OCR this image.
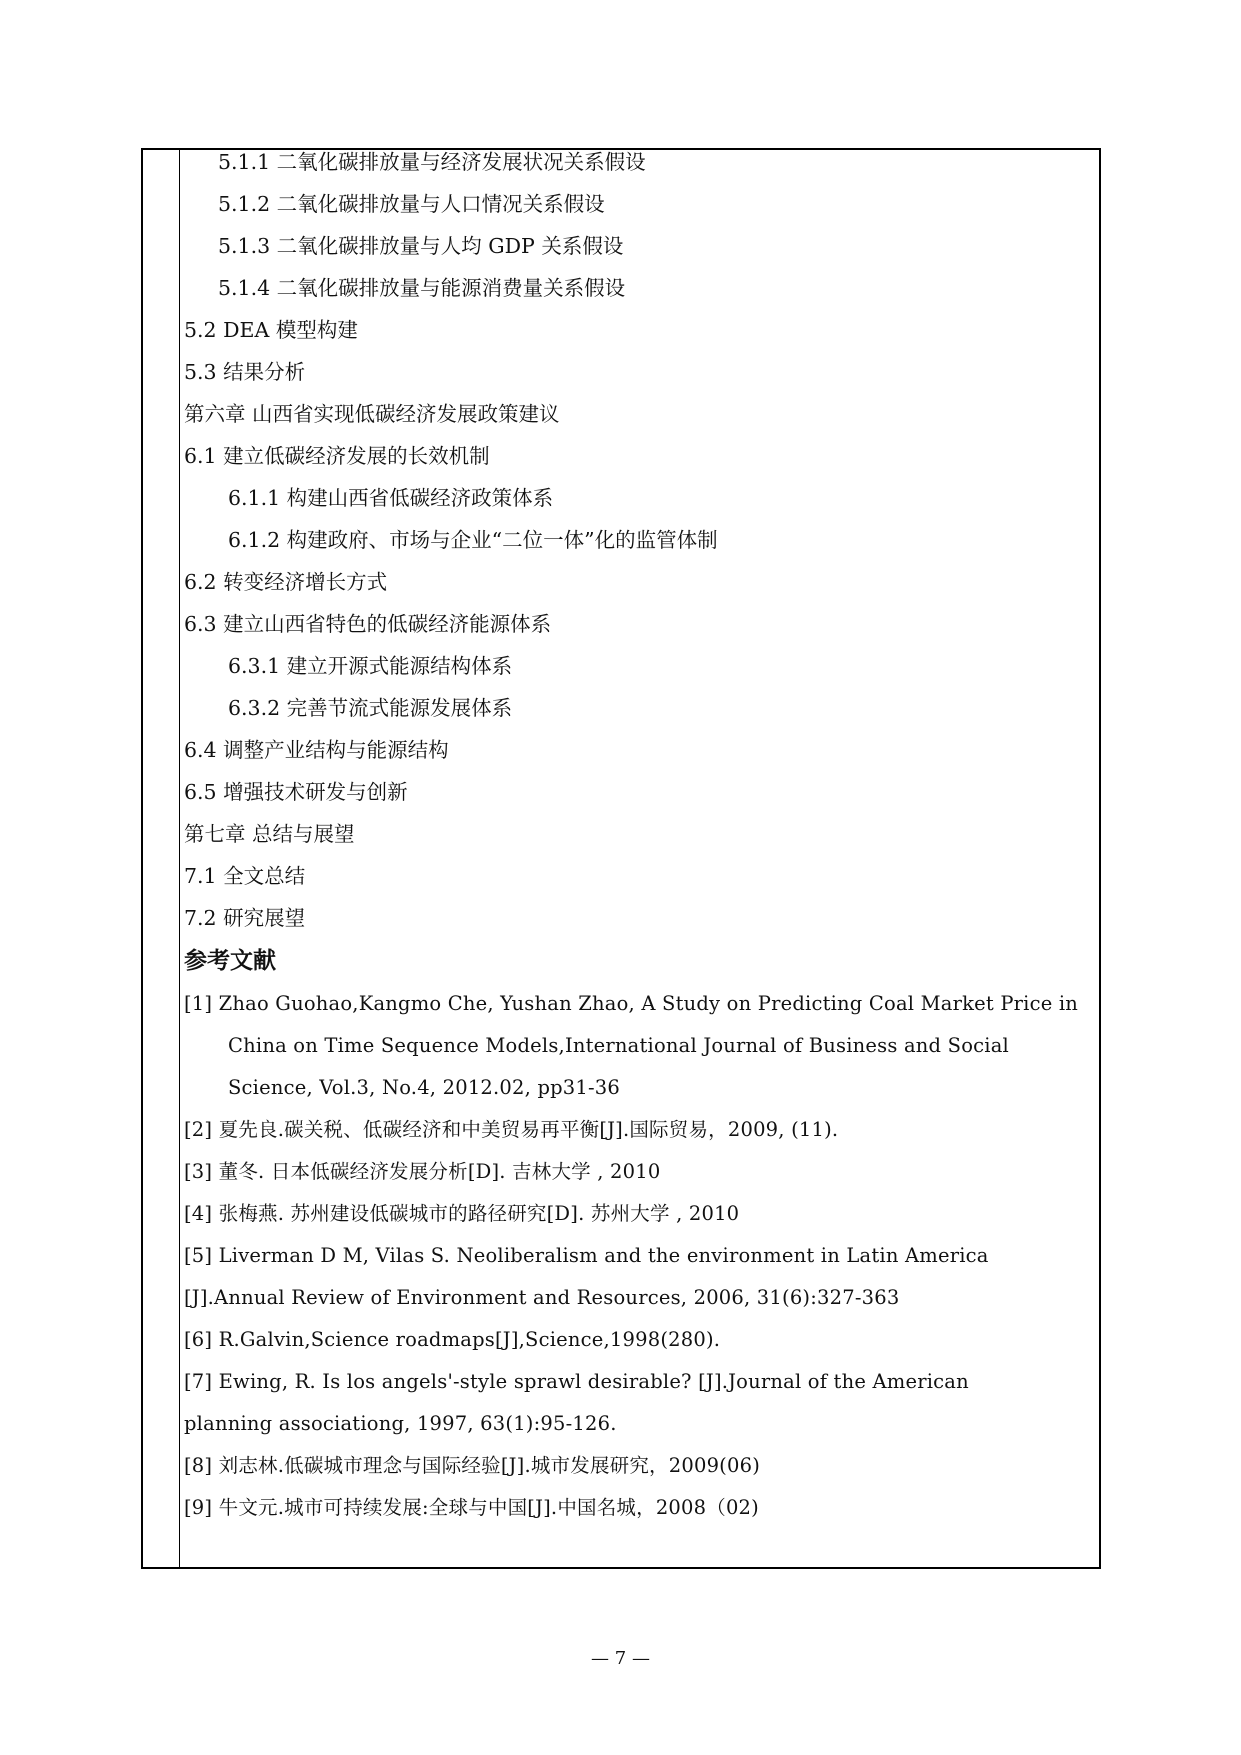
5.1.1 二氧化碳排放量与经济发展状况关系假设
5.1.2 二氧化碳排放量与人口情况关系假设
5.1.3 二氧化碳排放量与人均 GDP 关系假设
5.1.4 二氧化碳排放量与能源消费量关系假设
5.2 DEA 模型构建
5.3 结果分析
第六章 山西省实现低碳经济发展政策建议
6.1 建立低碳经济发展的长效机制
6.1.1 构建山西省低碳经济政策体系
6.1.2 构建政府、市场与企业“二位一体”化的监管体制
6.2 转变经济增长方式
6.3 建立山西省特色的低碳经济能源体系
6.3.1 建立开源式能源结构体系
6.3.2 完善节流式能源发展体系
6.4 调整产业结构与能源结构
6.5 增强技术研发与创新
第七章 总结与展望
7.1 全文总结
7.2 研究展望
参考文献
[1] Zhao Guohao,Kangmo Che, Yushan Zhao, A Study on Predicting Coal Market Price in
China on Time Sequence Models,International Journal of Business and Social
Science, Vol.3, No.4, 2012.02, pp31-36
[2] 夏先良.碳关税、低碳经济和中美贸易再平衡[J].国际贸易，2009, (11).
[3] 董冬. 日本低碳经济发展分析[D]. 吉林大学 , 2010
[4] 张梅燕. 苏州建设低碳城市的路径研究[D]. 苏州大学 , 2010
[5] Liverman D M, Vilas S. Neoliberalism and the environment in Latin America
[J].Annual Review of Environment and Resources, 2006, 31(6):327-363
[6] R.Galvin,Science roadmaps[J],Science,1998(280).
[7] Ewing, R. Is los angels'-style sprawl desirable? [J].Journal of the American
planning associationg, 1997, 63(1):95-126.
[8] 刘志林.低碳城市理念与国际经验[J].城市发展研究，2009(06)
[9] 牛文元.城市可持续发展:全球与中国[J].中国名城，2008（02)
— 7 —
